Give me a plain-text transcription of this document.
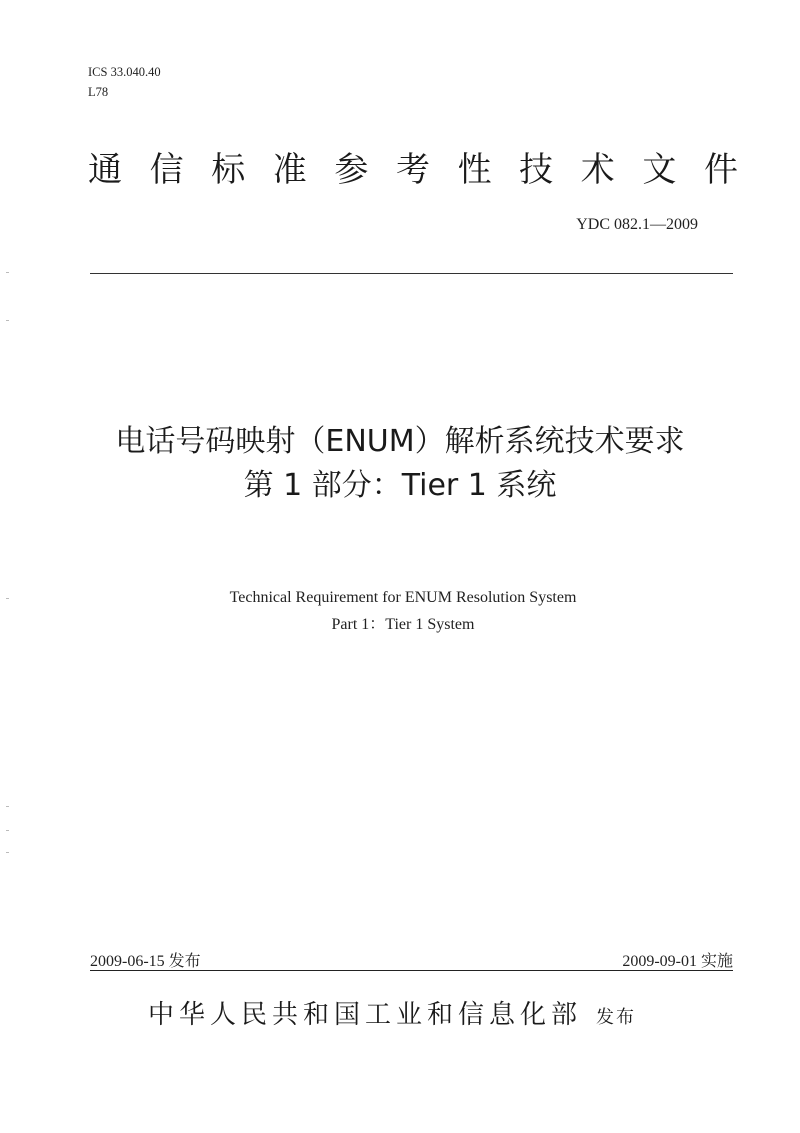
ICS 33.040.40
L78
通 信 标 准 参 考 性 技 术 文 件
YDC 082.1—2009
电话号码映射（ENUM）解析系统技术要求
第 1 部分：Tier 1 系统
Technical Requirement for ENUM Resolution System
Part 1：Tier 1 System
2009-06-15 发布	2009-09-01 实施
中华人民共和国工业和信息化部 发布
